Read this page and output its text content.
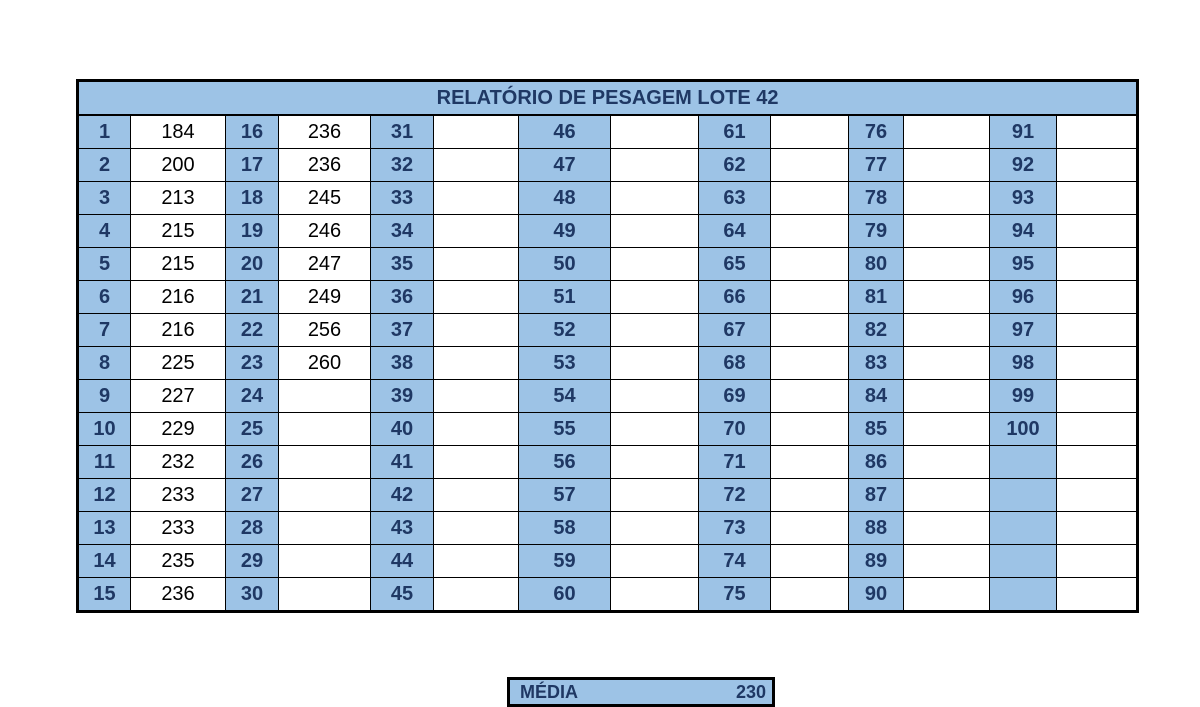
RELATÓRIO DE PESAGEM LOTE 42													
1	184	16	236	31		46		61		76		91	
2	200	17	236	32		47		62		77		92	
3	213	18	245	33		48		63		78		93	
4	215	19	246	34		49		64		79		94	
5	215	20	247	35		50		65		80		95	
6	216	21	249	36		51		66		81		96	
7	216	22	256	37		52		67		82		97	
8	225	23	260	38		53		68		83		98	
9	227	24		39		54		69		84		99	
10	229	25		40		55		70		85		100	
11	232	26		41		56		71		86			
12	233	27		42		57		72		87			
13	233	28		43		58		73		88			
14	235	29		44		59		74		89			
15	236	30		45		60		75		90			
MÉDIA	230
